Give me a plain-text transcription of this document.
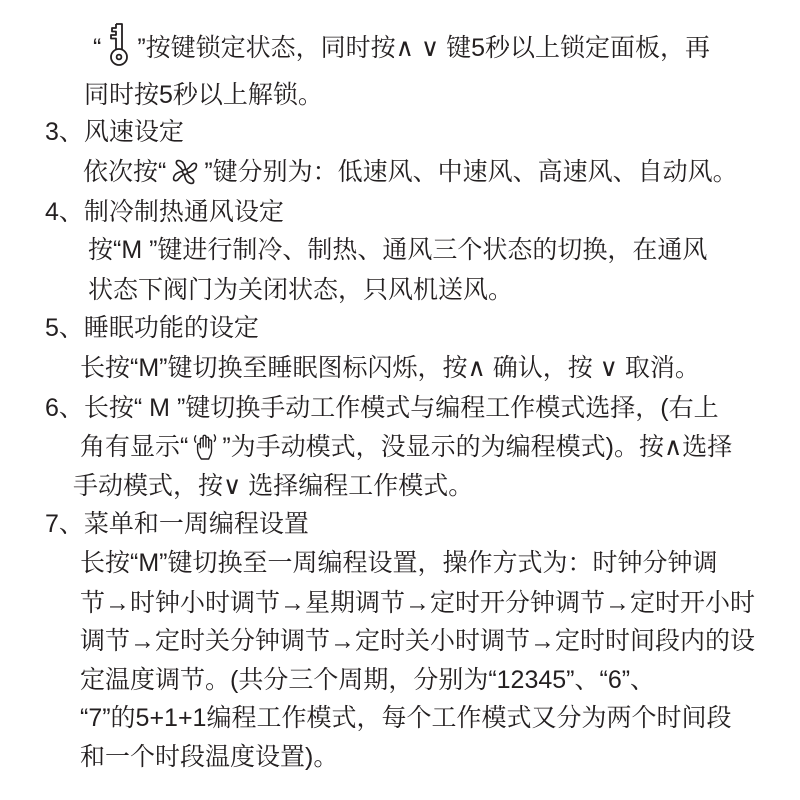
“ ”按键锁定状态，同时按∧ ∨ 键5秒以上锁定面板，再
同时按5秒以上解锁。
3、风速设定
依次按“ ”键分别为：低速风、中速风、高速风、自动风。
4、制冷制热通风设定
按“M ”键进行制冷、制热、通风三个状态的切换，在通风
状态下阀门为关闭状态，只风机送风。
5、睡眠功能的设定
长按“M”键切换至睡眠图标闪烁，按∧ 确认，按 ∨ 取消。
6、长按“ M ”键切换手动工作模式与编程工作模式选择，(右上
角有显示“ ”为手动模式，没显示的为编程模式)。按∧选择
手动模式，按∨ 选择编程工作模式。
7、菜单和一周编程设置
长按“M”键切换至一周编程设置，操作方式为：时钟分钟调
节→时钟小时调节→星期调节→定时开分钟调节→定时开小时
调节→定时关分钟调节→定时关小时调节→定时时间段内的设
定温度调节。(共分三个周期，分别为“12345”、“6”、
“7”的5+1+1编程工作模式，每个工作模式又分为两个时间段
和一个时段温度设置)。
